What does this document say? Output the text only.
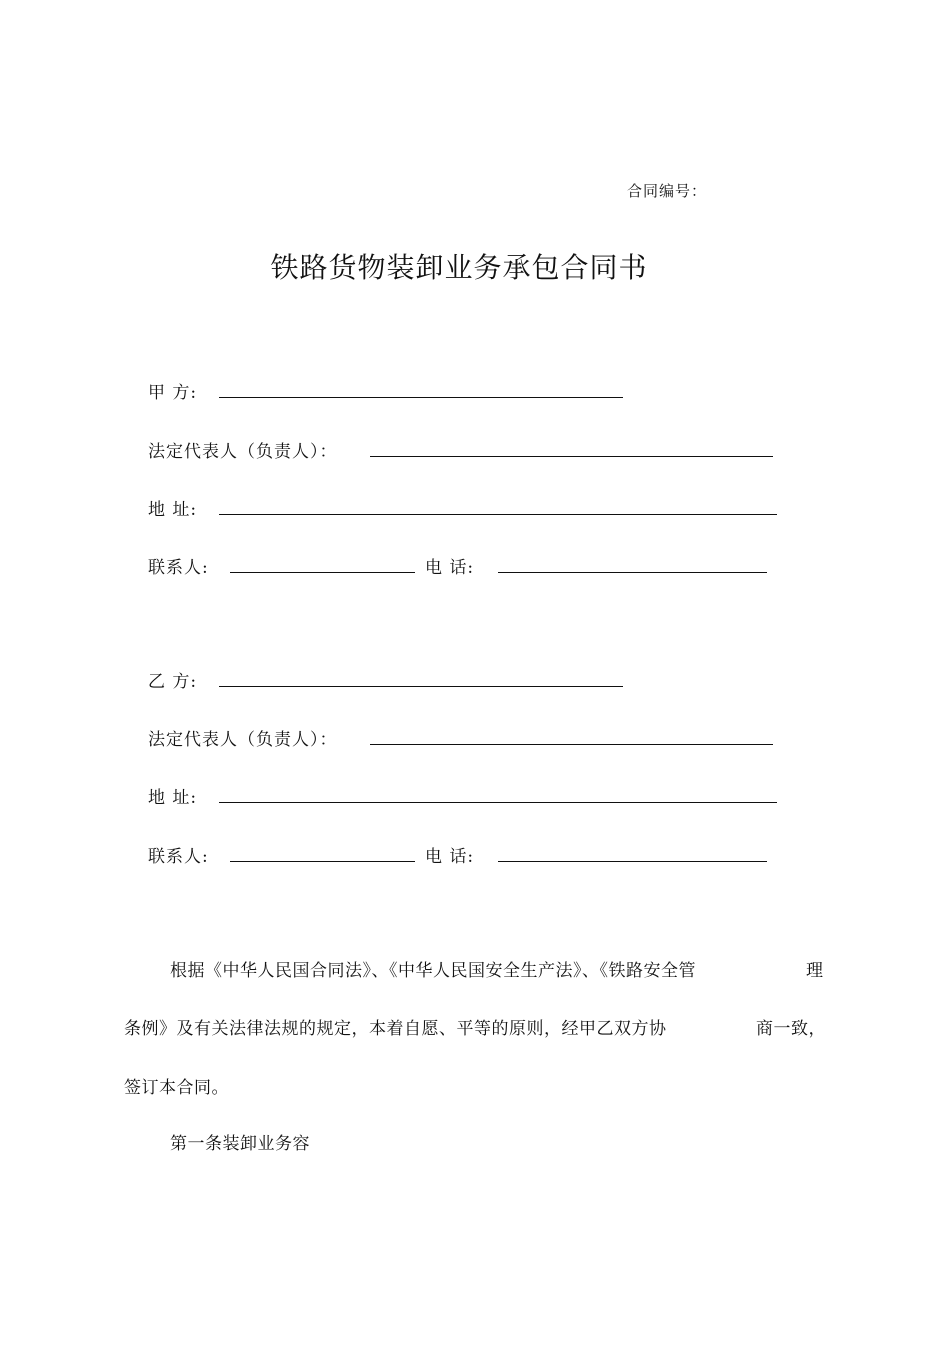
合同编号：
铁路货物装卸业务承包合同书
甲 方:
法定代表人（负责人）：
地 址:
联系人:	电 话:
乙 方:
法定代表人（负责人）：
地 址:
联系人:	电 话:
根据《中华人民国合同法》、《中华人民国安全生产法》、《铁路安全管	理
条例》及有关法律法规的规定，本着自愿、平等的原则，经甲乙双方协	商一致，
签订本合同。
第一条装卸业务容
